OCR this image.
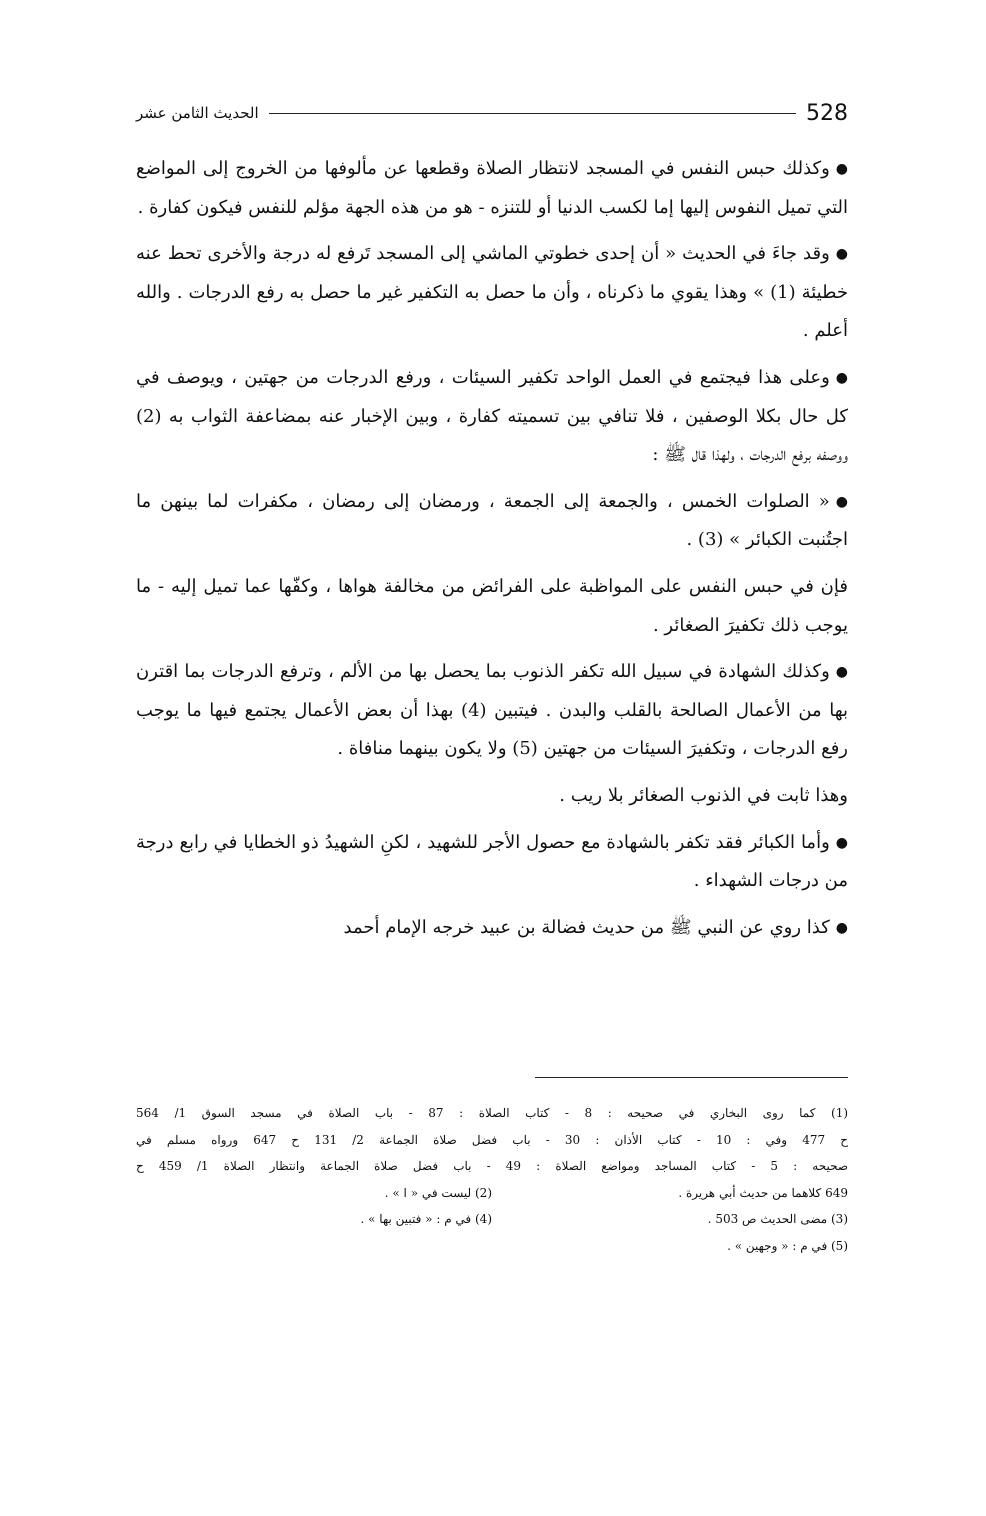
الحديث الثامن عشر	528

●وكذلك حبس النفس في المسجد لانتظار الصلاة وقطعها عن مألوفها من الخروج إلى المواضع التي تميل النفوس إليها إما لكسب الدنيا أو للتنزه - هو من هذه الجهة مؤلم للنفس فيكون كفارة .

●وقد جاءَ في الحديث « أن إحدى خطوتي الماشي إلى المسجد تَرفع له درجة والأخرى تحط عنه خطيئة (1) » وهذا يقوي ما ذكرناه ، وأن ما حصل به التكفير غير ما حصل به رفع الدرجات . والله أعلم .

●وعلى هذا فيجتمع في العمل الواحد تكفير السيئات ، ورفع الدرجات من جهتين ، ويوصف في كل حال بكلا الوصفين ، فلا تنافي بين تسميته كفارة ، وبين الإخبار عنه بمضاعفة الثواب به (2) ووصفه برفع الدرجات ، ولهذا قال ﷺ :

●« الصلوات الخمس ، والجمعة إلى الجمعة ، ورمضان إلى رمضان ، مكفرات لما بينهن ما اجتُنبت الكبائر » (3) .

فإن في حبس النفس على المواظبة على الفرائض من مخالفة هواها ، وكفّها عما تميل إليه - ما يوجب ذلك تكفيرَ الصغائر .

●وكذلك الشهادة في سبيل الله تكفر الذنوب بما يحصل بها من الألم ، وترفع الدرجات بما اقترن بها من الأعمال الصالحة بالقلب والبدن . فيتبين (4) بهذا أن بعض الأعمال يجتمع فيها ما يوجب رفع الدرجات ، وتكفيرَ السيئات من جهتين (5) ولا يكون بينهما منافاة .

وهذا ثابت في الذنوب الصغائر بلا ريب .

●وأما الكبائر فقد تكفر بالشهادة مع حصول الأجر للشهيد ، لكنِ الشهيدُ ذو الخطايا في رابع درجة من درجات الشهداء .

●كذا روي عن النبي ﷺ من حديث فضالة بن عبيد خرجه الإمام أحمد

(1) كما روى البخاري في صحيحه : 8 - كتاب الصلاة : 87 - باب الصلاة في مسجد السوق 1/ 564
ح 477 وفي : 10 - كتاب الأذان : 30 - باب فضل صلاة الجماعة 2/ 131 ح 647 ورواه مسلم في
صحيحه : 5 - كتاب المساجد ومواضع الصلاة : 49 - باب فضل صلاة الجماعة وانتظار الصلاة 1/ 459 ح
649 كلاهما من حديث أبي هريرة .
(2) ليست في « ا » .
(3) مضى الحديث ص 503 .
(4) في م : « فتبين بها » .
(5) في م : « وجهين » .
